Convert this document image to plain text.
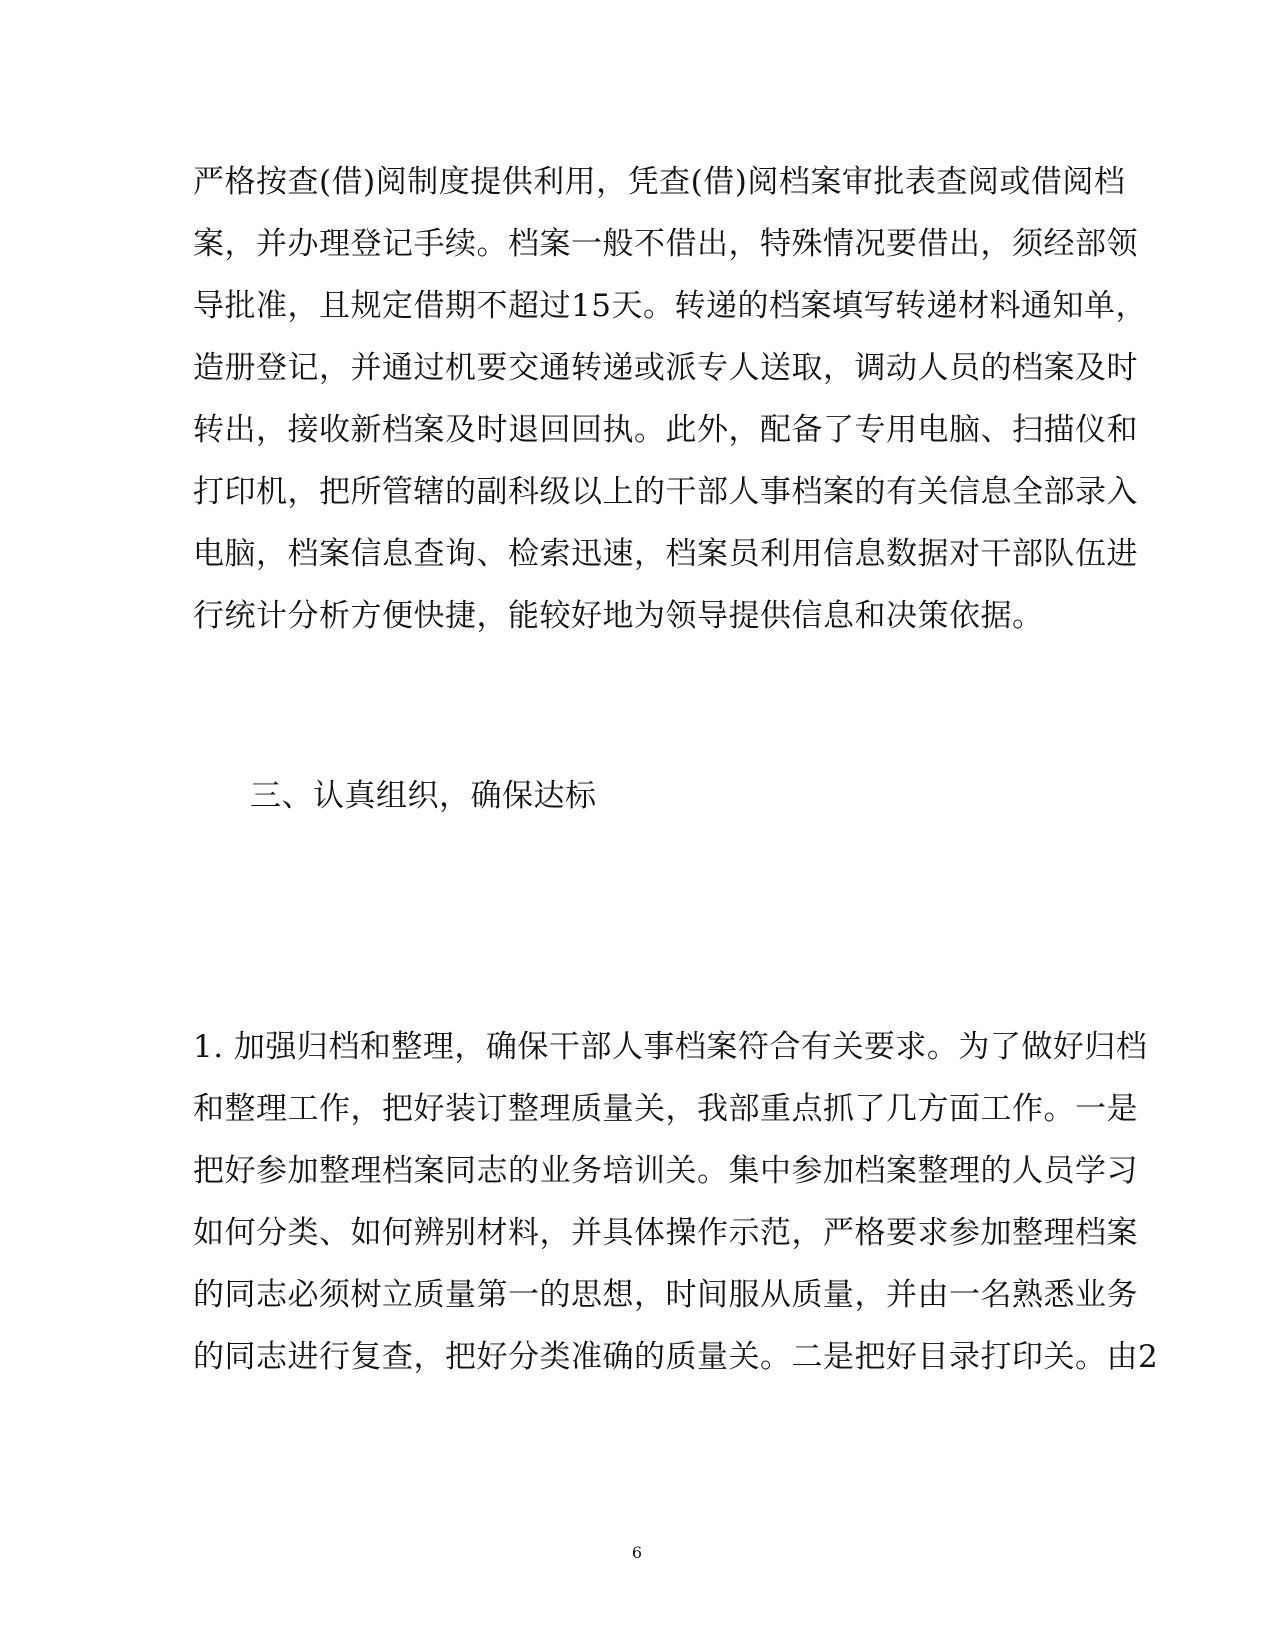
严格按查(借)阅制度提供利用，凭查(借)阅档案审批表查阅或借阅档
案，并办理登记手续。档案一般不借出，特殊情况要借出，须经部领
导批准，且规定借期不超过15天。转递的档案填写转递材料通知单，
造册登记，并通过机要交通转递或派专人送取，调动人员的档案及时
转出，接收新档案及时退回回执。此外，配备了专用电脑、扫描仪和
打印机，把所管辖的副科级以上的干部人事档案的有关信息全部录入
电脑，档案信息查询、检索迅速，档案员利用信息数据对干部队伍进
行统计分析方便快捷，能较好地为领导提供信息和决策依据。
三、认真组织，确保达标
1. 加强归档和整理，确保干部人事档案符合有关要求。为了做好归档
和整理工作，把好装订整理质量关，我部重点抓了几方面工作。一是
把好参加整理档案同志的业务培训关。集中参加档案整理的人员学习
如何分类、如何辨别材料，并具体操作示范，严格要求参加整理档案
的同志必须树立质量第一的思想，时间服从质量，并由一名熟悉业务
的同志进行复查，把好分类准确的质量关。二是把好目录打印关。由2
6
